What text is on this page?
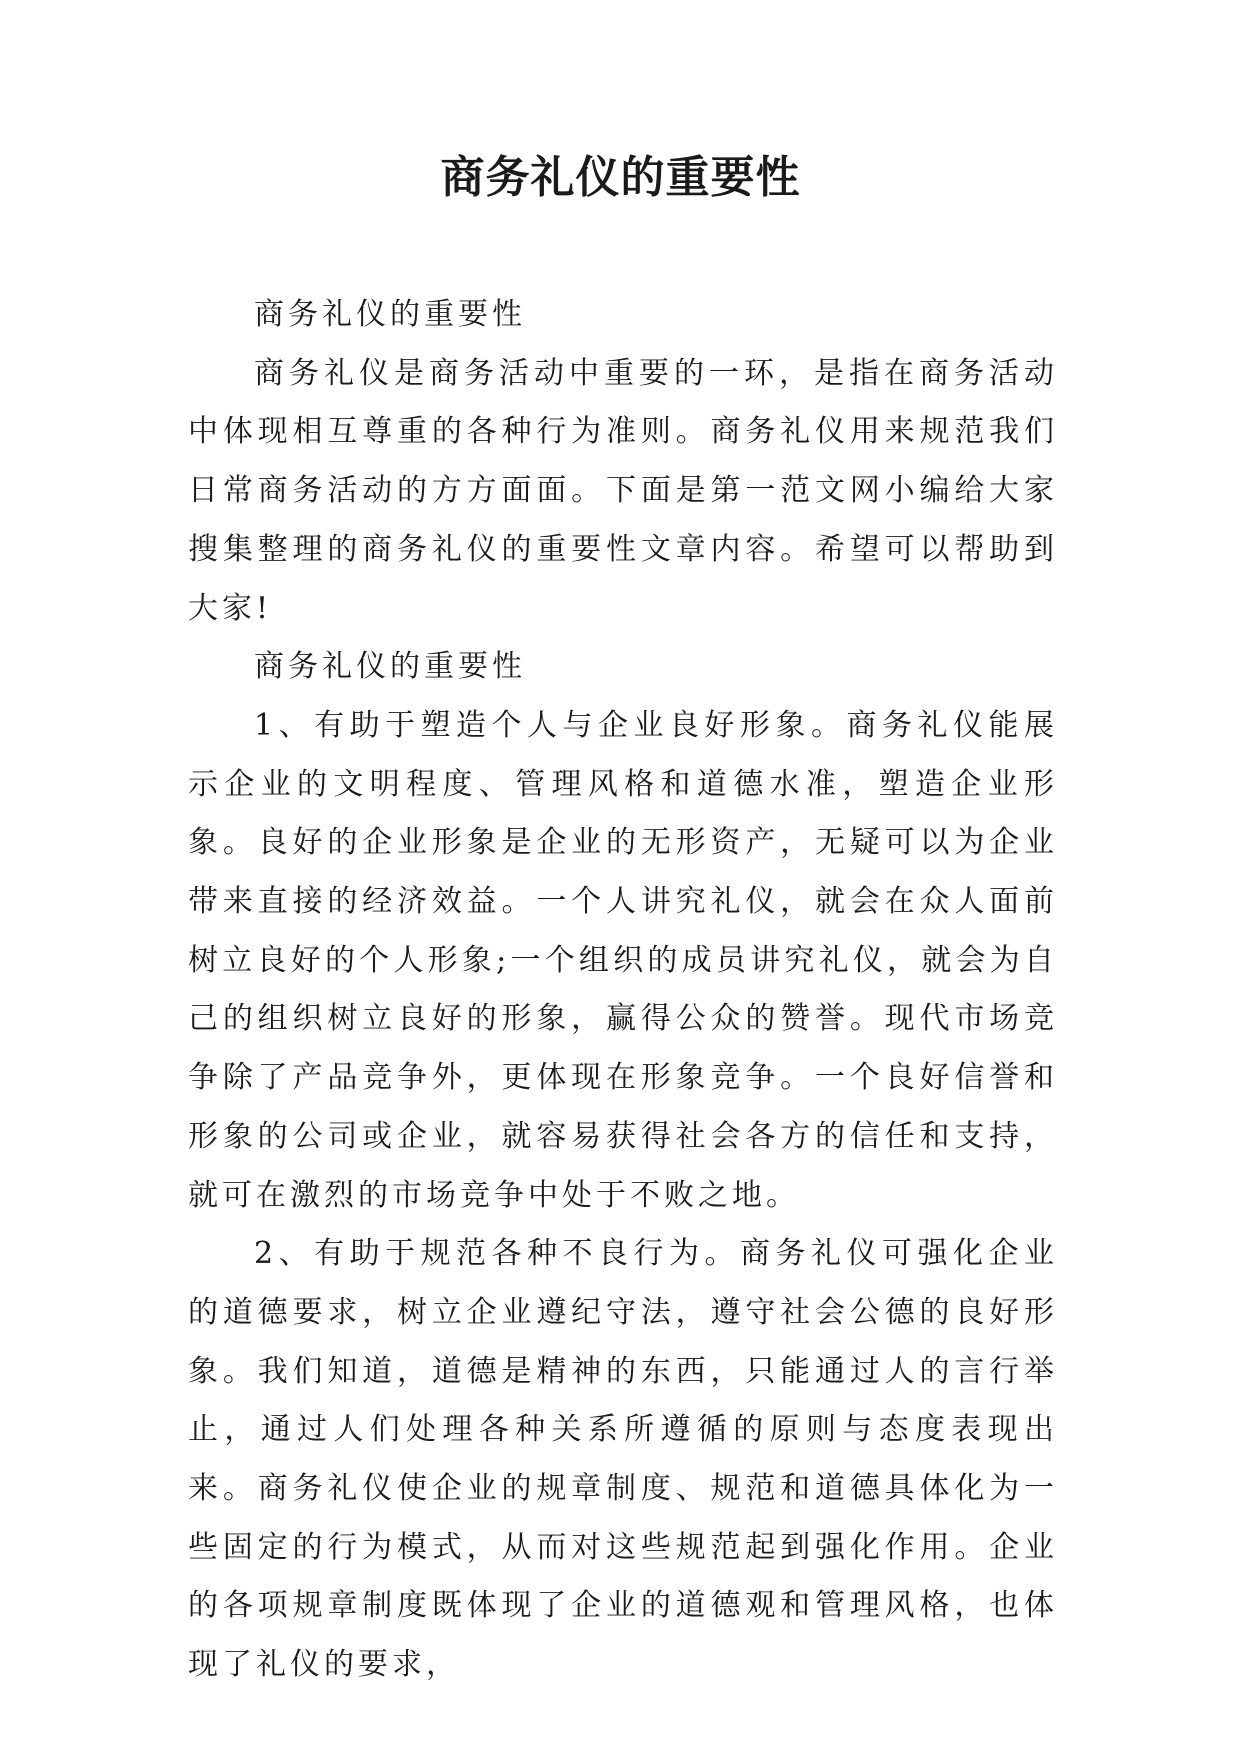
商务礼仪的重要性

商务礼仪的重要性

商务礼仪是商务活动中重要的一环，是指在商务活动中体现相互尊重的各种行为准则。商务礼仪用来规范我们日常商务活动的方方面面。下面是第一范文网小编给大家搜集整理的商务礼仪的重要性文章内容。希望可以帮助到大家!

商务礼仪的重要性

1、有助于塑造个人与企业良好形象。商务礼仪能展示企业的文明程度、管理风格和道德水准，塑造企业形象。良好的企业形象是企业的无形资产，无疑可以为企业带来直接的经济效益。一个人讲究礼仪，就会在众人面前树立良好的个人形象;一个组织的成员讲究礼仪，就会为自己的组织树立良好的形象，赢得公众的赞誉。现代市场竞争除了产品竞争外，更体现在形象竞争。一个良好信誉和形象的公司或企业，就容易获得社会各方的信任和支持，就可在激烈的市场竞争中处于不败之地。

2、有助于规范各种不良行为。商务礼仪可强化企业的道德要求，树立企业遵纪守法，遵守社会公德的良好形象。我们知道，道德是精神的东西，只能通过人的言行举止，通过人们处理各种关系所遵循的原则与态度表现出来。商务礼仪使企业的规章制度、规范和道德具体化为一些固定的行为模式，从而对这些规范起到强化作用。企业的各项规章制度既体现了企业的道德观和管理风格，也体现了礼仪的要求，
